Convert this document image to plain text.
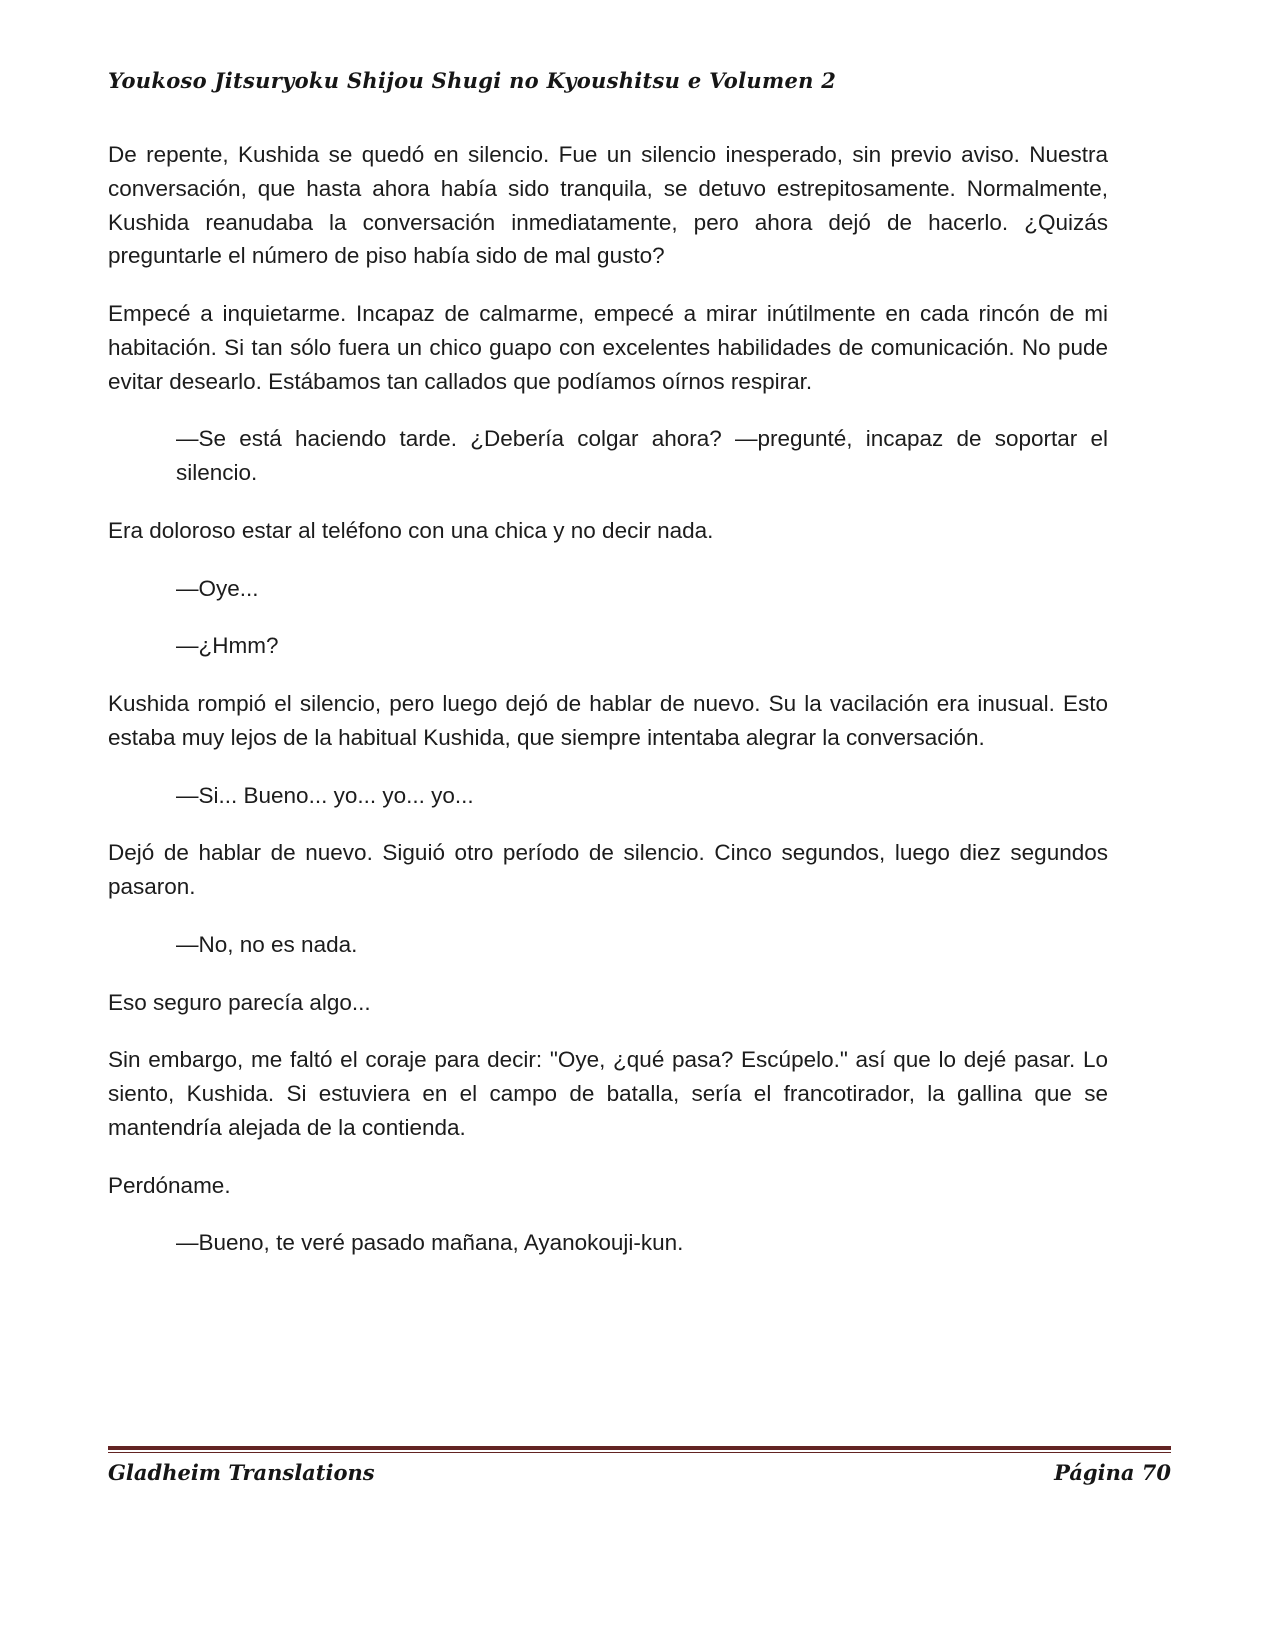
Youkoso Jitsuryoku Shijou Shugi no Kyoushitsu e Volumen 2

De repente, Kushida se quedó en silencio. Fue un silencio inesperado, sin previo aviso. Nuestra conversación, que hasta ahora había sido tranquila, se detuvo estrepitosamente. Normalmente, Kushida reanudaba la conversación inmediatamente, pero ahora dejó de hacerlo. ¿Quizás preguntarle el número de piso había sido de mal gusto?

Empecé a inquietarme. Incapaz de calmarme, empecé a mirar inútilmente en cada rincón de mi habitación. Si tan sólo fuera un chico guapo con excelentes habilidades de comunicación. No pude evitar desearlo. Estábamos tan callados que podíamos oírnos respirar.

—Se está haciendo tarde. ¿Debería colgar ahora? —pregunté, incapaz de soportar el silencio.

Era doloroso estar al teléfono con una chica y no decir nada.

—Oye...

—¿Hmm?

Kushida rompió el silencio, pero luego dejó de hablar de nuevo. Su la vacilación era inusual. Esto estaba muy lejos de la habitual Kushida, que siempre intentaba alegrar la conversación.

—Si... Bueno... yo... yo... yo...

Dejó de hablar de nuevo. Siguió otro período de silencio. Cinco segundos, luego diez segundos pasaron.

—No, no es nada.

Eso seguro parecía algo...

Sin embargo, me faltó el coraje para decir: "Oye, ¿qué pasa? Escúpelo." así que lo dejé pasar. Lo siento, Kushida. Si estuviera en el campo de batalla, sería el francotirador, la gallina que se mantendría alejada de la contienda.

Perdóname.

—Bueno, te veré pasado mañana, Ayanokouji-kun.

Gladheim Translations	Página 70
